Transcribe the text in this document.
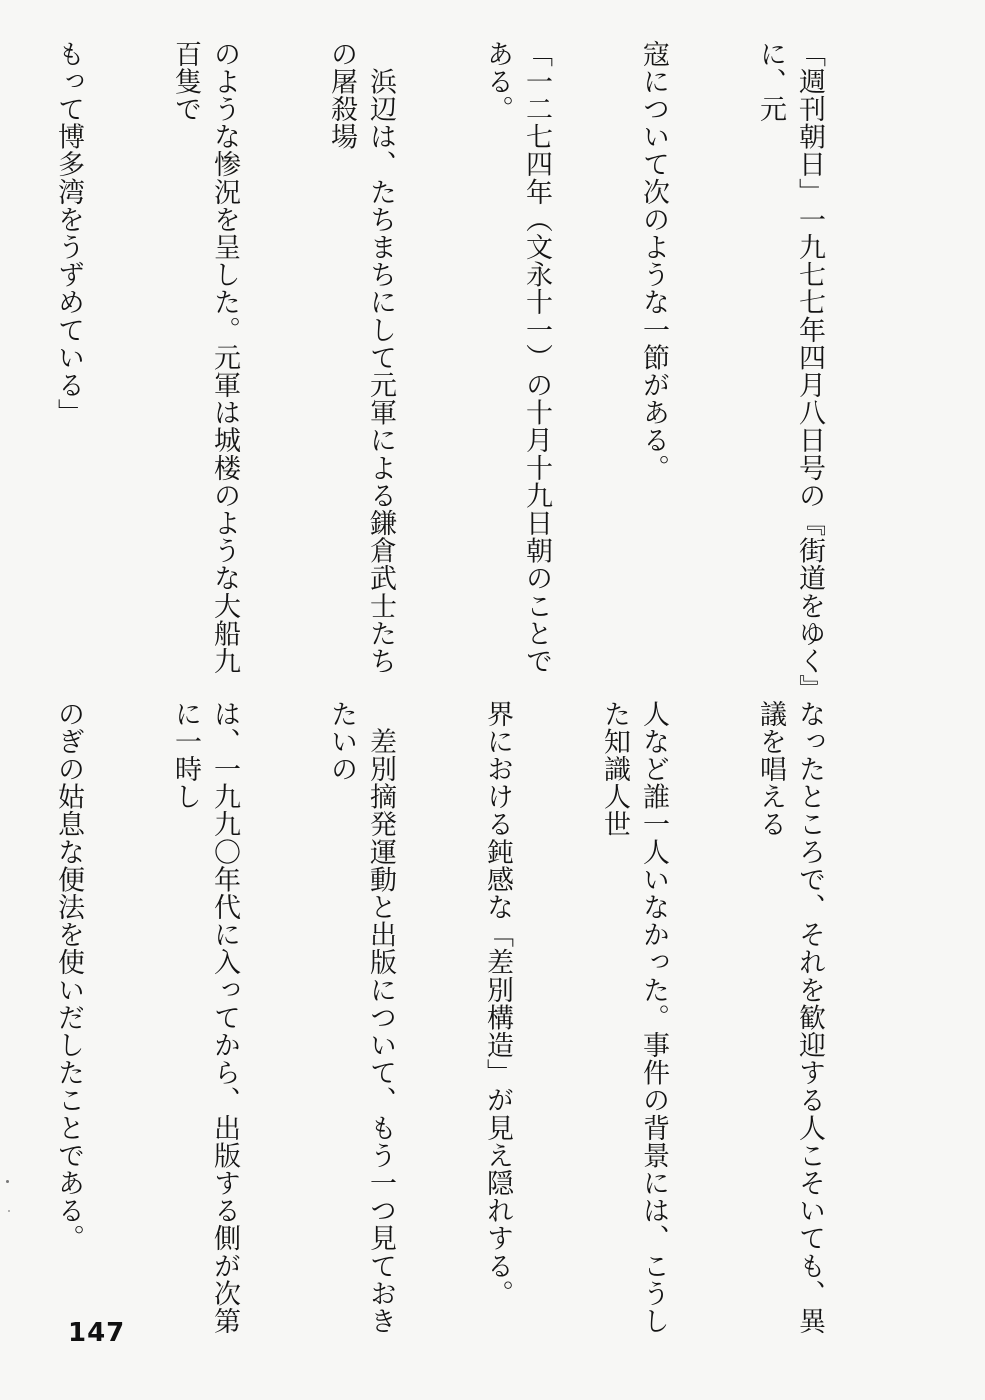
「週刊朝日」一九七七年四月八日号の『街道をゆく』に、元

寇について次のような一節がある。

「一二七四年（文永十一）の十月十九日朝のことである。

　浜辺は、たちまちにして元軍による鎌倉武士たちの屠殺場

のような惨況を呈した。元軍は城楼のような大船九百隻で

もって博多湾をうずめている」

なったところで、それを歓迎する人こそいても、異議を唱える

人など誰一人いなかった。事件の背景には、こうした知識人世

界における鈍感な「差別構造」が見え隠れする。

　差別摘発運動と出版について、もう一つ見ておきたいの

は、一九九〇年代に入ってから、出版する側が次第に一時し

のぎの姑息な便法を使いだしたことである。

147
